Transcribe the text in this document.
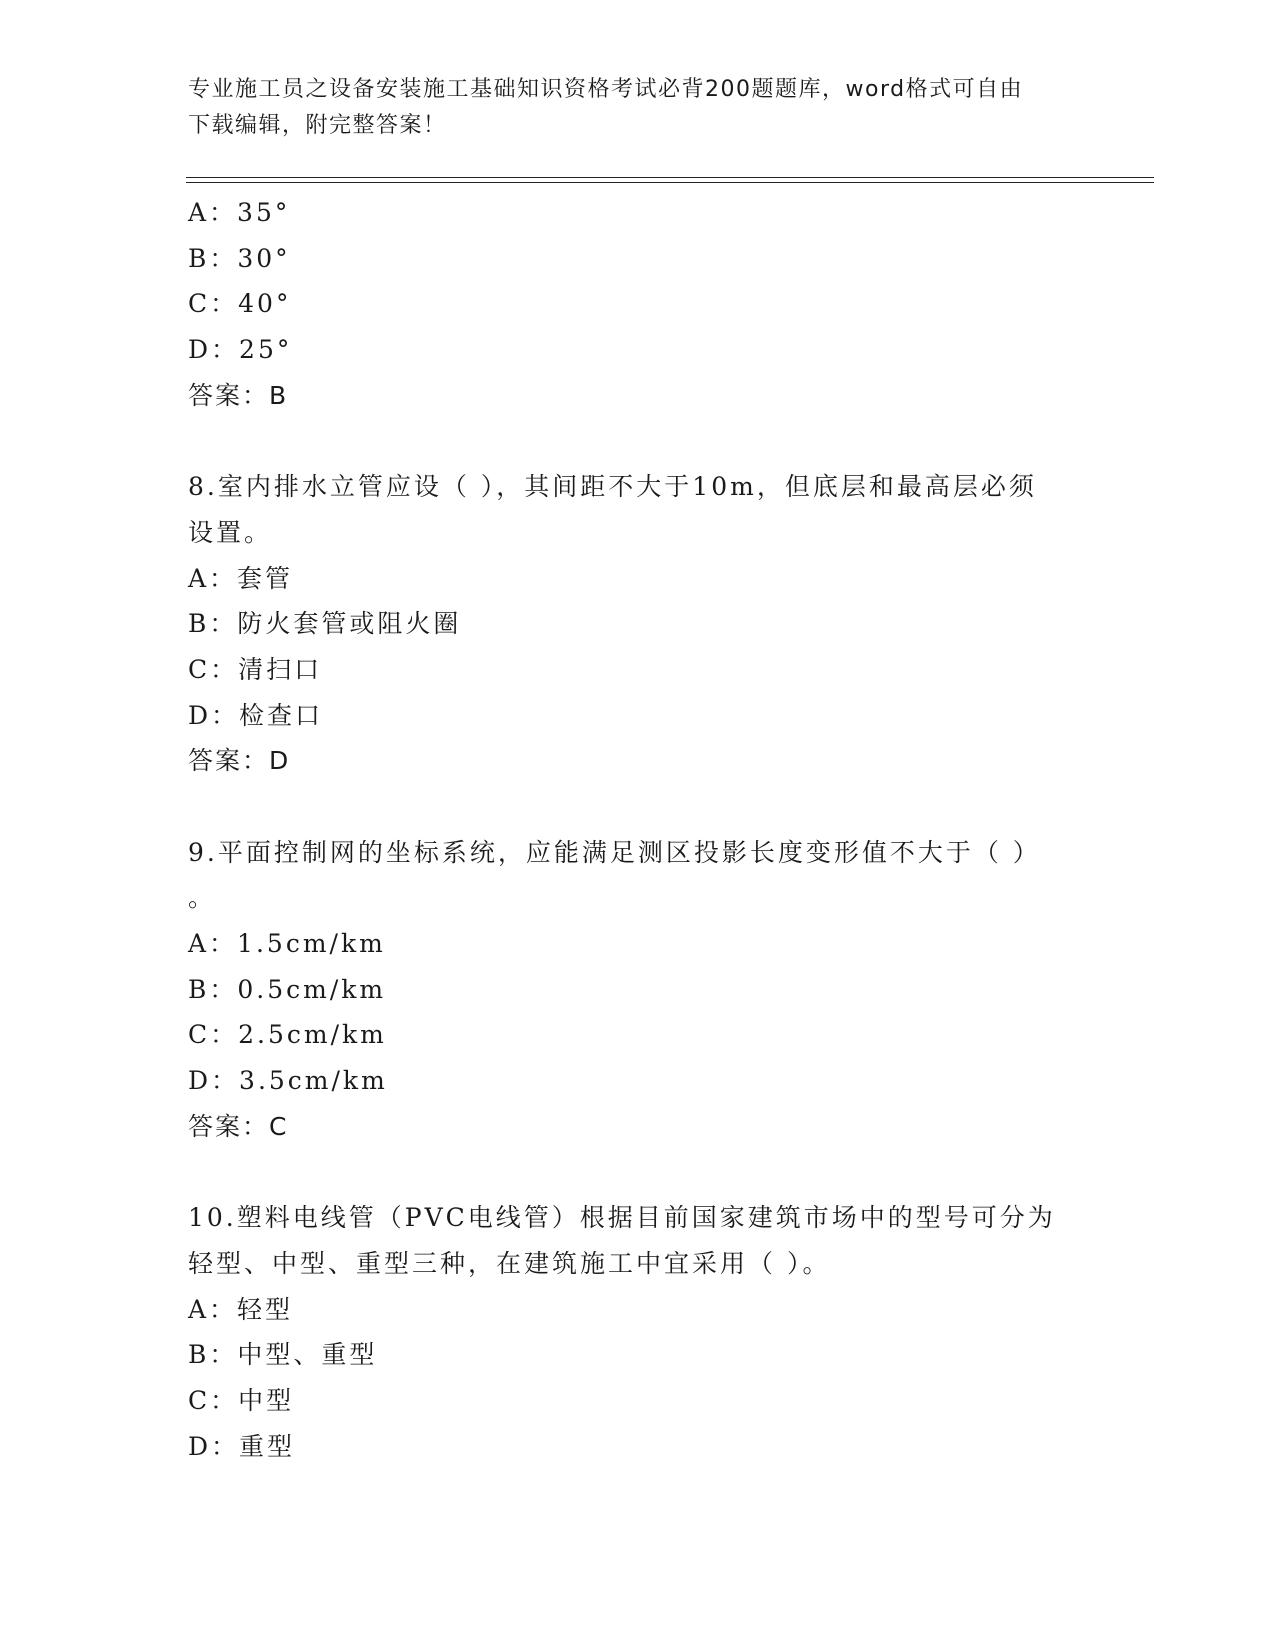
专业施工员之设备安装施工基础知识资格考试必背200题题库，word格式可自由
下载编辑，附完整答案！
A：35°
B：30°
C：40°
D：25°
答案：B
8.室内排水立管应设（ ），其间距不大于10m，但底层和最高层必须
设置。
A：套管
B：防火套管或阻火圈
C：清扫口
D：检查口
答案：D
9.平面控制网的坐标系统，应能满足测区投影长度变形值不大于（ ）
。
A：1.5cm/km
B：0.5cm/km
C：2.5cm/km
D：3.5cm/km
答案：C
10.塑料电线管（PVC电线管）根据目前国家建筑市场中的型号可分为
轻型、中型、重型三种，在建筑施工中宜采用（ ）。
A：轻型
B：中型、重型
C：中型
D：重型
